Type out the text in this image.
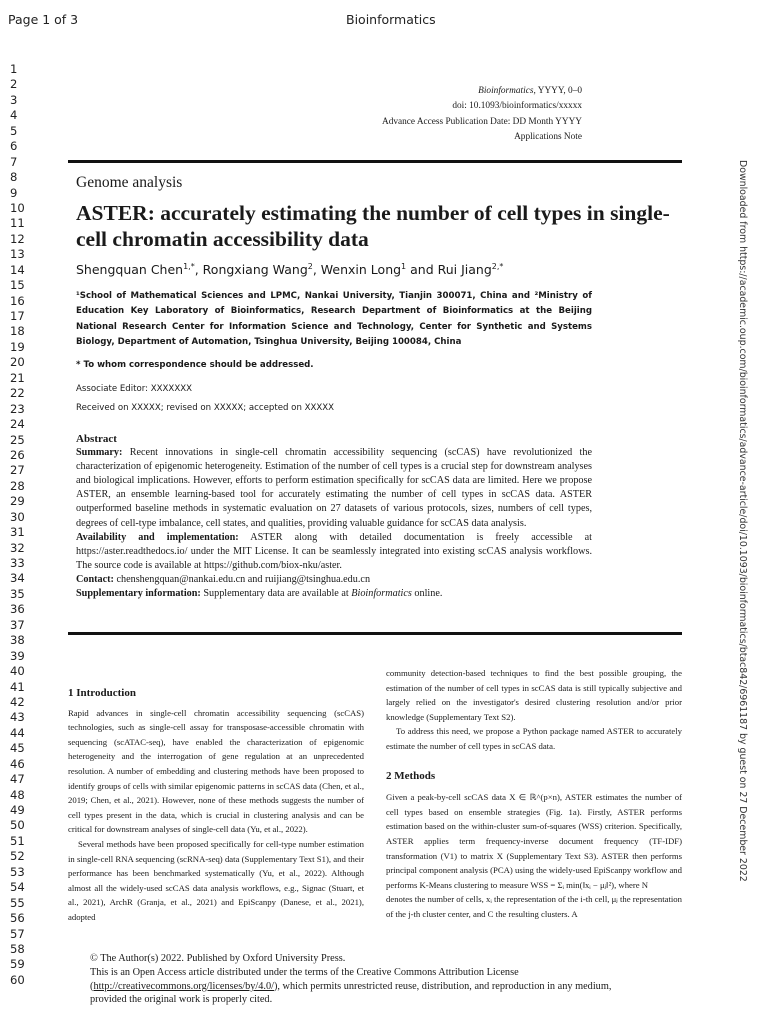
Page 1 of 3	Bioinformatics
1
2
3
4
5
6
7
8
9
10
11
12
13
14
15
16
17
18
19
20
21
22
23
24
25
26
27
28
29
30
31
32
33
34
35
36
37
38
39
40
41
42
43
44
45
46
47
48
49
50
51
52
53
54
55
56
57
58
59
60
Bioinformatics, YYYY, 0–0
doi: 10.1093/bioinformatics/xxxxx
Advance Access Publication Date: DD Month YYYY
Applications Note
Genome analysis
ASTER: accurately estimating the number of cell types in single-cell chromatin accessibility data
Shengquan Chen$^{1,*}$, Rongxiang Wang$^2$, Wenxin Long$^1$ and Rui Jiang$^{2,*}$
¹School of Mathematical Sciences and LPMC, Nankai University, Tianjin 300071, China and ²Ministry of Education Key Laboratory of Bioinformatics, Research Department of Bioinformatics at the Beijing National Research Center for Information Science and Technology, Center for Synthetic and Systems Biology, Department of Automation, Tsinghua University, Beijing 100084, China
* To whom correspondence should be addressed.
Associate Editor: XXXXXXX
Received on XXXXX; revised on XXXXX; accepted on XXXXX
Abstract
Summary: Recent innovations in single-cell chromatin accessibility sequencing (scCAS) have revolutionized the characterization of epigenomic heterogeneity. Estimation of the number of cell types is a crucial step for downstream analyses and biological implications. However, efforts to perform estimation specifically for scCAS data are limited. Here we propose ASTER, an ensemble learning-based tool for accurately estimating the number of cell types in scCAS data. ASTER outperformed baseline methods in systematic evaluation on 27 datasets of various protocols, sizes, numbers of cell types, degrees of cell-type imbalance, cell states, and qualities, providing valuable guidance for scCAS data analysis.
Availability and implementation: ASTER along with detailed documentation is freely accessible at https://aster.readthedocs.io/ under the MIT License. It can be seamlessly integrated into existing scCAS analysis workflows. The source code is available at https://github.com/biox-nku/aster.
Contact: chenshengquan@nankai.edu.cn and ruijiang@tsinghua.edu.cn
Supplementary information: Supplementary data are available at Bioinformatics online.
1 Introduction

Rapid advances in single-cell chromatin accessibility sequencing (scCAS) technologies, such as single-cell assay for transposase-accessible chromatin with sequencing (scATAC-seq), have enabled the characterization of epigenomic heterogeneity and the interrogation of gene regulation at an unprecedented resolution. A number of embedding and clustering methods have been proposed to identify groups of cells with similar epigenomic patterns in scCAS data (Chen, et al., 2019; Chen, et al., 2021). However, none of these methods suggests the number of cell types present in the data, which is crucial in clustering analysis and can be critical for downstream analyses of single-cell data (Yu, et al., 2022).

Several methods have been proposed specifically for cell-type number estimation in single-cell RNA sequencing (scRNA-seq) data (Supplementary Text S1), and their performance has been benchmarked systematically (Yu, et al., 2022). Although almost all the widely-used scCAS data analysis workflows, e.g., Signac (Stuart, et al., 2021), ArchR (Granja, et al., 2021) and EpiScanpy (Danese, et al., 2021), adopted

community detection-based techniques to find the best possible grouping, the estimation of the number of cell types in scCAS data is still typically subjective and largely relied on the investigator's desired clustering resolution and/or prior knowledge (Supplementary Text S2).

To address this need, we propose a Python package named ASTER to accurately estimate the number of cell types in scCAS data.

2 Methods

Given a peak-by-cell scCAS data X ∈ ℝ^(p×n), ASTER estimates the number of cell types based on ensemble strategies (Fig. 1a). Firstly, ASTER performs estimation based on the within-cluster sum-of-squares (WSS) criterion. Specifically, ASTER applies term frequency-inverse document frequency (TF-IDF) transformation (V1) to matrix X (Supplementary Text S3). ASTER then performs principal component analysis (PCA) using the widely-used EpiScanpy workflow and performs K-Means clustering to measure WSS = Σᵢ min(‖xᵢ − μⱼ‖²), where N

denotes the number of cells, xᵢ the representation of the i-th cell, μⱼ the representation of the j-th cluster center, and C the resulting clusters. A

Downloaded from https://academic.oup.com/bioinformatics/advance-article/doi/10.1093/bioinformatics/btac842/6961187 by guest on 27 December 2022
© The Author(s) 2022. Published by Oxford University Press.
This is an Open Access article distributed under the terms of the Creative Commons Attribution License
(http://creativecommons.org/licenses/by/4.0/), which permits unrestricted reuse, distribution, and reproduction in any medium,
provided the original work is properly cited.
